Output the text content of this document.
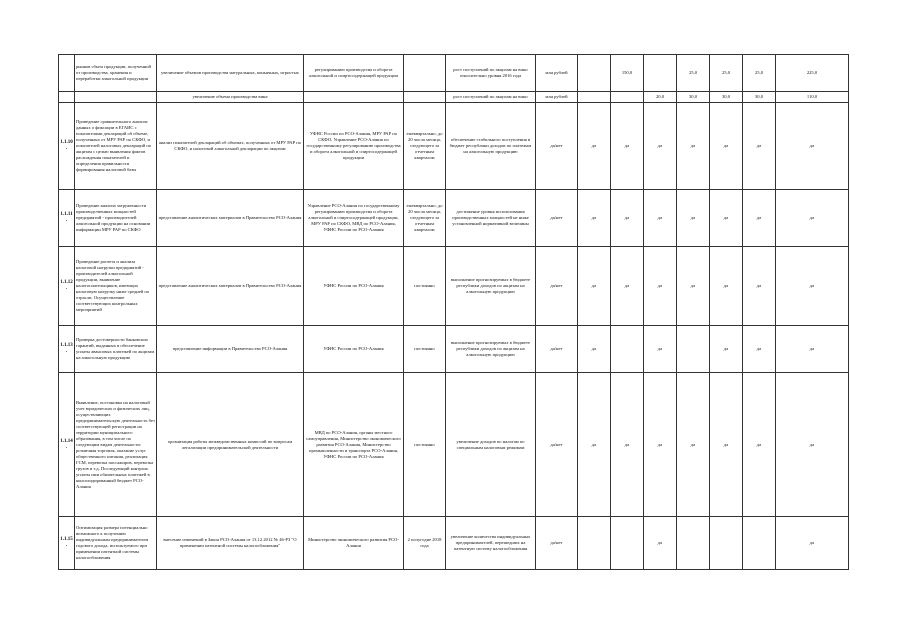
	рынков сбыта продукции, полученной от производства, хранения и переработки алкогольной продукции	увеличение объемов производства натуральных, коньячных, игристых	регулированию производства и оборота алкогольной и спиртосодержащей продукции		рост поступлений по акцизам на вино относительно уровня 2016 года	млн рублей		150,0		25,0	25,0	25,0	225,0
		увеличение объема производства вина			рост поступлений по акцизам на вино	млн рублей			20,0	30,0	30,0	30,0	110,0
1.1.10.	Проведение сравнительного анализа данных о фиксации в ЕГАИС с показателями деклараций об объеме, полученных от МРУ РАР по СКФО, и показателей налоговых деклараций по акцизам с целью выявления фактов расхождения показателей и определения правильности формирования налоговой базы	анализ показателей деклараций об объемах, полученных от МРУ РАР по СКФО, и налоговой алкогольной декларации по акцизам	УФНС России по РСО-Алания, МРУ РАР по СКФО, Управление РСО-Алания по государственному регулированию производства и оборота алкогольной и спиртосодержащей продукции	ежеквартально, до 20 числа месяца, следующего за отчетным кварталом	обеспечение стабильного поступления в бюджет республики доходов по платежам на алкогольную продукцию	да/нет	да	да	да	да	да	да	да
1.1.11.	Проведение анализа загруженности производственных мощностей предприятий - производителей алкогольной продукции на основании информации МРУ РАР по СКФО	представление аналитических материалов в Правительство РСО-Алания	Управление РСО-Алания по государственному регулированию производства и оборота алкогольной и спиртосодержащей продукции, МРУ РАР по СКФО, МВД по РСО-Алания, УФНС России по РСО-Алания	ежеквартально, до 20 числа месяца, следующего за отчетным кварталом	достижение уровня использования производственных мощностей не ниже установленной нормативной величины	да/нет	да	да	да	да	да	да	да
1.1.12.	Проведение расчета и анализа налоговой нагрузки предприятий - производителей алкогольной продукции, выявление налогоплательщиков, имеющих налоговую нагрузку ниже средней по отрасли. Осуществление соответствующих контрольных мероприятий	представление аналитических материалов в Правительство РСО-Алания	УФНС России по РСО-Алания	постоянно	выполнение прогнозируемых в бюджете республики доходов по акцизам на алкогольную продукцию	да/нет	да	да	да	да	да	да	да
1.1.13.	Проверка достоверности банковских гарантий, выданных в обеспечение уплаты авансовых платежей по акцизам на алкогольную продукцию	представление информации в Правительство РСО-Алания	УФНС России по РСО-Алания	постоянно	выполнение прогнозируемых в бюджете республики доходов по акцизам на алкогольную продукцию	да/нет	да		да		да	да	да
1.1.14.	Выявление, постановка на налоговый учет юридических и физических лиц, осуществляющих предпринимательскую деятельность без соответствующей регистрации на территории муниципального образования, в том числе по следующим видам деятельности: розничная торговля, оказание услуг общественного питания, реализация ГСМ, перевозка пассажиров, перевозка грузов и т.д. Последующий контроль уплаты ими обязательных платежей в консолидированный бюджет РСО-Алания	организация работы межведомственных комиссий по вопросам легализации предпринимательской деятельности	МВД по РСО-Алания, органы местного самоуправления, Министерство экономического развития РСО-Алания, Министерство промышленности и транспорта РСО-Алания, УФНС России по РСО-Алания	постоянно	увеличение доходов по налогам по специальным налоговым режимам	да/нет	да	да	да	да	да	да	да
1.1.15.	Оптимизация размера потенциально возможного к получению индивидуальным предпринимателем годового дохода, используемого при применении патентной системы налогообложения	внесение изменений в Закон РСО-Алания от 13.12.2012 № 46-РЗ "О применении патентной системы налогообложения"	Министерство экономического развития РСО-Алания	2 полугодие 2018 года	увеличение количества индивидуальных предпринимателей, перешедших на патентную систему налогообложения	да/нет			да				да
